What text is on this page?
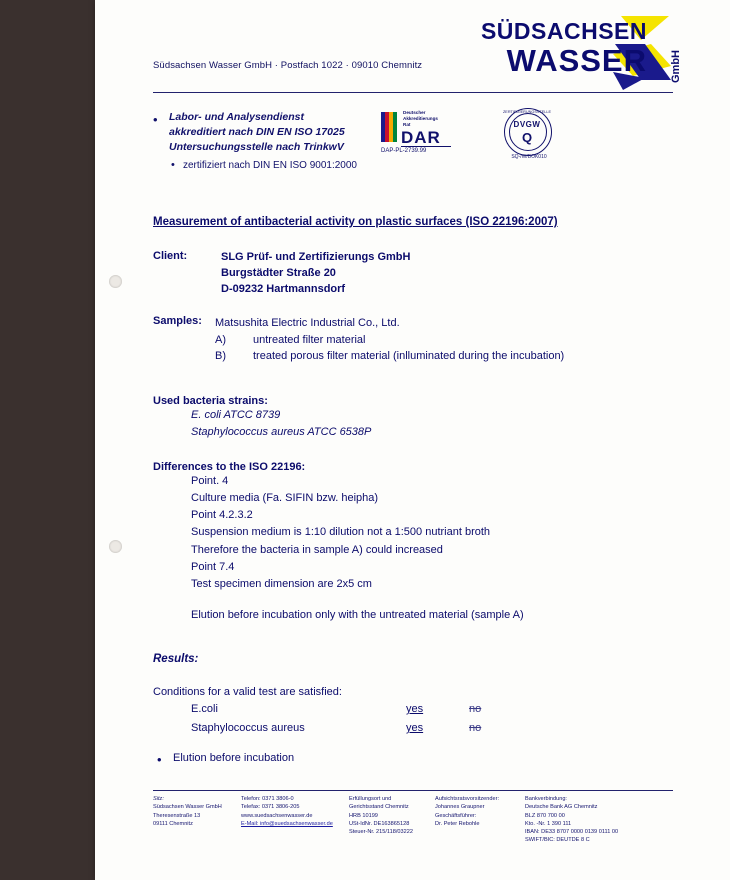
SÜDSACHSEN
WASSER GmbH
Südsachsen Wasser GmbH · Postfach 1022 · 09010 Chemnitz
• Labor- und Analysendienst
akkreditiert nach DIN EN ISO 17025
Untersuchungsstelle nach TrinkwV
• zertifiziert nach DIN EN ISO 9001:2000
Deutscher
Akkreditierungs
Rat
DAR
DAP-PL-2739.99
ZERTIFIZIERUNGSSTELLE
DVGW
Q
SQ-/W/BOK010
Measurement of antibacterial activity on plastic surfaces (ISO 22196:2007)
Client:	SLG Prüf- und Zertifizierungs GmbH
Burgstädter Straße 20
D-09232 Hartmannsdorf
Samples: Matsushita Electric Industrial Co., Ltd.
A) untreated filter material
B) treated porous filter material (inlluminated during the incubation)
Used bacteria strains:
E. coli ATCC 8739
Staphylococcus aureus ATCC 6538P
Differences to the ISO 22196:
Point. 4
Culture media (Fa. SIFIN bzw. heipha)
Point 4.2.3.2
Suspension medium is 1:10 dilution not a 1:500 nutriant broth
Therefore the bacteria in sample A) could increased
Point 7.4
Test specimen dimension are 2x5 cm
Elution before incubation only with the untreated material (sample A)
Results:
Conditions for a valid test are satisfied:
E.coli	yes	no
Staphylococcus aureus	yes	no
• Elution before incubation
Sitz:
Südsachsen Wasser GmbH
Theresenstraße 13
09111 Chemnitz
Telefon: 0371 3806-0
Telefax: 0371 3806-205
www.suedsachsenwasser.de
E-Mail: info@suedsachsenwasser.de
Erfüllungsort und
Gerichtsstand Chemnitz
HRB 10199
USt-IdNr. DE163865128
Steuer-Nr. 215/118/03222
Aufsichtsratsvorsitzender:
Johannes Graupner
Geschäftsführer:
Dr. Peter Rebohle
Bankverbindung:
Deutsche Bank AG Chemnitz
BLZ 870 700 00
Kto. -Nr. 1 390 111
IBAN: DE33 8707 0000 0139 0111 00
SWIFT/BIC: DEUTDE 8 C
